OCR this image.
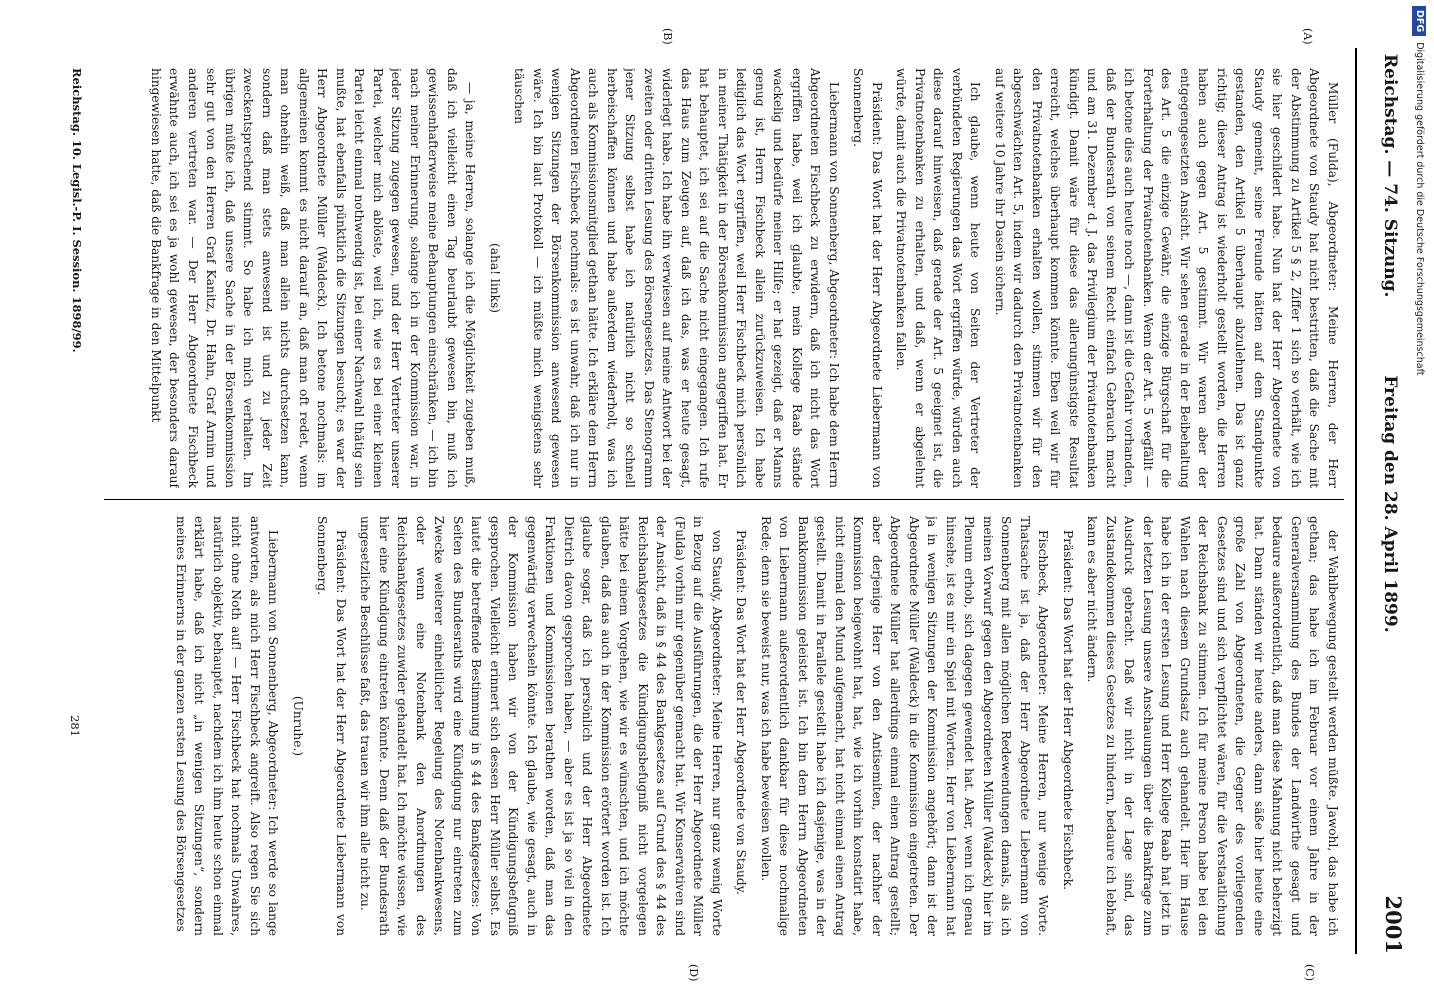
Reichstag. — 74. Sitzung.
Freitag den 28. April 1899.
2001
(A)
(B)
(C)
(D)

Müller (Fulda), Abgeordneter: Meine Herren, der Herr Abgeordnete von Staudy hat nicht bestritten, daß die Sache mit der Abstimmung zu Artikel 5 § 2, Ziffer 1 sich so verhält, wie ich sie hier geschildert habe. Nun hat der Herr Abgeordnete von Staudy gemeint, seine Freunde hätten auf dem Standpunkte gestanden, den Artikel 5 überhaupt abzulehnen. Das ist ganz richtig; dieser Antrag ist wiederholt gestellt worden, die Herren haben auch gegen Art. 5 gestimmt. Wir waren aber der entgegengesetzten Ansicht. Wir sehen gerade in der Beibehaltung des Art. 5 die einzige Gewähr, die einzige Bürgschaft für die Forterhaltung der Privatnotenbanken. Wenn der Art. 5 wegfällt — ich betone dies auch heute noch —, dann ist die Gefahr vorhanden, daß der Bundesrath von seinem Recht einfach Gebrauch macht und am 31. Dezember d. J. das Privilegium der Privatnotenbanken kündigt. Damit wäre für diese das allerungünstigste Resultat erreicht, welches überhaupt kommen könnte. Eben weil wir für den Privatnotenbanken erhalten wollen, stimmen wir für den abgeschwächten Art. 5, indem wir dadurch den Privatnotenbanken auf weitere 10 Jahre ihr Dasein sichern.

Ich glaube, wenn heute von Seiten der Vertreter der verbündeten Regierungen das Wort ergriffen würde, würden auch diese darauf hinweisen, daß gerade der Art. 5 geeignet ist, die Privatnotenbanken zu erhalten, und daß, wenn er abgelehnt würde, damit auch die Privatnotenbanken fallen.

Präsident: Das Wort hat der Herr Abgeordnete Liebermann von Sonnenberg.

Liebermann von Sonnenberg, Abgeordneter: Ich habe dem Herrn Abgeordneten Fischbeck zu erwidern, daß ich nicht das Wort ergriffen habe, weil ich glaubte, mein Kollege Raab stände wackelig und bedürfe meiner Hilfe; er hat gezeigt, daß er Manns genug ist, Herrn Fischbeck allein zurückzuweisen. Ich habe lediglich das Wort ergriffen, weil Herr Fischbeck mich persönlich in meiner Thätigkeit in der Börsenkommission angegriffen hat. Er hat behauptet, ich sei auf die Sache nicht eingegangen. Ich rufe das Haus zum Zeugen auf, daß ich das, was er heute gesagt, widerlegt habe. Ich habe ihn verwiesen auf meine Antwort bei der zweiten oder dritten Lesung des Börsengesetzes. Das Stenogramm jener Sitzung selbst habe ich natürlich nicht so schnell herbeischaffen können und habe außerdem wiederholt, was ich auch als Kommissionsmitglied gethan hätte. Ich erkläre dem Herrn Abgeordneten Fischbeck nochmals: es ist unwahr, daß ich nur in wenigen Sitzungen der Börsenkommission anwesend gewesen wäre. Ich bin laut Protokoll — ich müßte mich wenigstens sehr täuschen

(aha! links)

— ja, meine Herren, solange ich die Möglichkeit zugeben muß, daß ich vielleicht einen Tag beurlaubt gewesen bin, muß ich gewissenhafterweise meine Behauptungen einschränken, — ich bin nach meiner Erinnerung, solange ich in der Kommission war, in jeder Sitzung zugegen gewesen, und der Herr Vertreter unserer Partei, welcher mich ablöste, weil ich, wie es bei einer kleinen Partei leicht einmal nothwendig ist, bei einer Nachwahl thätig sein mußte, hat ebenfalls pünktlich die Sitzungen besucht; es war der Herr Abgeordnete Müller (Waldeck). Ich betone nochmals: im allgemeinen kommt es nicht darauf an, daß man oft redet, wenn man ohnehin weiß, daß man allein nichts durchsetzen kann, sondern daß man stets anwesend ist und zu jeder Zeit zweckentsprechend stimmt. So habe ich mich verhalten. Im übrigen müßte ich, daß unsere Sache in der Börsenkommission sehr gut von den Herren Graf Kanitz, Dr. Hahn, Graf Arnim und anderen vertreten war. — Der Herr Abgeordnete Fischbeck erwähnte auch, ich sei es ja wohl gewesen, der besonders darauf hingewiesen hatte, daß die Bankfrage in den Mittelpunkt

der Wahlbewegung gestellt werden müßte. Jawohl, das habe ich gethan; das habe ich im Februar vor einem Jahre in der Generalversammlung des Bundes der Landwirthe gesagt und bedaure außerordentlich, daß man diese Mahnung nicht beherzigt hat. Dann ständen wir heute anders, dann säße hier heute eine große Zahl von Abgeordneten, die Gegner des vorliegenden Gesetzes sind und sich verpflichtet wären, für die Verstaatlichung der Reichsbank zu stimmen. Ich für meine Person habe bei den Wahlen nach diesem Grundsatz auch gehandelt. Hier im Hause habe ich in der ersten Lesung und Herr Kollege Raab hat jetzt in der letzten Lesung unsere Anschauungen über die Bankfrage zum Ausdruck gebracht. Daß wir nicht in der Lage sind, das Zustandekommen dieses Gesetzes zu hindern, bedaure ich lebhaft, kann es aber nicht ändern.

Präsident: Das Wort hat der Herr Abgeordnete Fischbeck.

Fischbeck, Abgeordneter: Meine Herren, nur wenige Worte. Thatsache ist ja, daß der Herr Abgeordnete Liebermann von Sonnenberg mit allen möglichen Redewendungen damals, als ich meinen Vorwurf gegen den Abgeordneten Müller (Waldeck) hier im Plenum erhob, sich dagegen gewendet hat. Aber, wenn ich genau hinsehe, ist es mir ein Spiel mit Worten. Herr von Liebermann hat ja in wenigen Sitzungen der Kommission angehört; dann ist der Abgeordnete Müller (Waldeck) in die Kommission eingetreten. Der Abgeordnete Müller hat allerdings einmal einen Antrag gestellt; aber derjenige Herr von den Antisemiten, der nachher der Kommission beigewohnt hat, hat, wie ich vorhin konstatirt habe, nicht einmal den Mund aufgemacht, hat nicht einmal einen Antrag gestellt. Damit in Parallele gestellt habe ich dasjenige, was in der Bankkommission geleistet ist. Ich bin dem Herrn Abgeordneten von Liebermann außerordentlich dankbar für diese nochmalige Rede; denn sie beweist nur, was ich habe beweisen wollen.

Präsident: Das Wort hat der Herr Abgeordnete von Staudy.

von Staudy, Abgeordneter: Meine Herren, nur ganz wenig Worte in Bezug auf die Ausführungen, die der Herr Abgeordnete Müller (Fulda) vorhin mir gegenüber gemacht hat. Wir Konservativen sind der Ansicht, daß in § 44 des Bankgesetzes auf Grund des § 44 des Reichsbankgesetzes die Kündigungsbefugniß nicht vorgelegen hätte bei einem Vorgehen, wie wir es wünschten, und ich möchte glauben, daß das auch in der Kommission erörtert worden ist. Ich glaube sogar, daß ich persönlich und der Herr Abgeordnete Dietrich davon gesprochen haben, — aber es ist ja so viel in den Fraktionen und Kommissionen berathen worden, daß man das gegenwärtig verwechseln könnte. Ich glaube, wie gesagt, auch in der Kommission haben wir von der Kündigungsbefugniß gesprochen. Vielleicht erinnert sich dessen Herr Müller selbst. Es lautet die betreffende Bestimmung in § 44 des Bankgesetzes: Von Seiten des Bundesraths wird eine Kündigung nur eintreten zum Zwecke weiterer einheitlicher Regelung des Notenbankwesens, oder wenn eine Notenbank den Anordnungen des Reichsbankgesetzes zuwider gehandelt hat. Ich möchte wissen, wie hier eine Kündigung eintreten könnte. Denn daß der Bundesrath ungesetzliche Beschlüsse faßt, das trauen wir ihm alle nicht zu.

Präsident: Das Wort hat der Herr Abgeordnete Liebermann von Sonnenberg.

(Unruhe.)

Liebermann von Sonnenberg, Abgeordneter: Ich werde so lange antworten, als mich Herr Fischbeck angreift. Also regen Sie sich nicht ohne Noth auf! — Herr Fischbeck hat nochmals Unwahres, natürlich objektiv, behauptet, nachdem ich ihm heute schon einmal erklärt habe, daß ich nicht „in wenigen Sitzungen“, sondern meines Erinnerns in der ganzen ersten Lesung des Börsengesetzes

Reichstag. 10. Legisl.-P. I. Session. 1898/99.
281
DFGDigitalisierung gefördert durch die Deutsche Forschungsgemeinschaft
